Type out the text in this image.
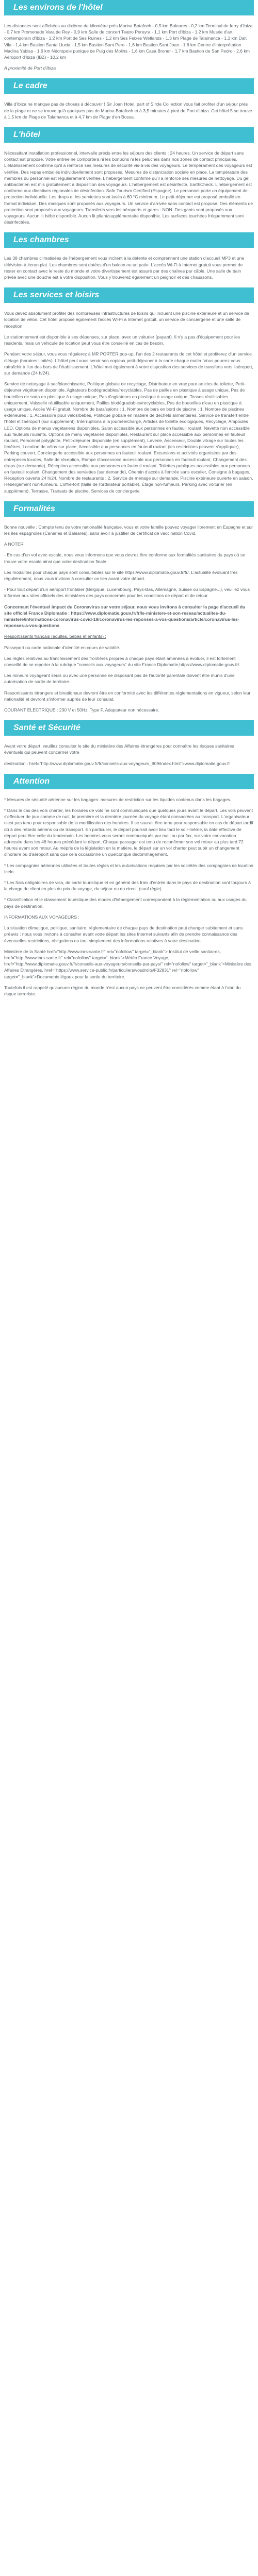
Les environs de l'hôtel

Les distances sont affichées au dixième de kilomètre près Marina Botafoch - 0,5 km Baleares - 0,2 km Terminal de ferry d'Ibiza - 0,7 km Promenade Vara de Rey - 0,9 km Salle de concert Teatro Pereyra - 1,1 km Port d'Ibiza - 1,2 km Musée d'art contemporain d'Ibiza - 1,2 km Port de Ses Ruines - 1,2 km Ses Feixes Wetlands - 1,3 km Plage de Talamanca - 1,3 km Dalt Vila - 1,4 km Bastion Santa Llucia - 1,5 km Bastion Sant Pere - 1,6 km Bastion Sant Joan - 1,6 km Centre d'interprétation Madina Yabisa - 1,6 km Nécropole punique de Puig des Molins - 1,6 km Casa Broner - 1,7 km Bastion de San Pedro - 2,6 km Aéroport d'Ibiza (IBZ) - 10,2 km

À proximité de Port d'Ibiza

Le cadre

Villa d'Ibiza ne manque pas de choses à découvrir ! Sir Joan Hotel, part of Sircle Collection vous fait profiter d'un séjour près de la plage et ne se trouve qu'à quelques pas de Marina Botafoch et à 3,5 minutes à pied de Port d'Ibiza. Cet hôtel 5 se trouve à 1,5 km de Plage de Talamanca et à 4,7 km de Plage d'en Bossa.

L'hôtel

Nécessitant installation professionnel, intervalle précis entre les séjours des clients : 24 heures. Un service de départ sans contact est proposé. Votre entrée ne comportera ni les bonbons ni les peluches dans nos zones de contact principales. L'établissement confirme qu'il a renforcé ses mesures de sécurité vis-à-vis des voyageurs. Le tempérament des voyageurs est vérifiée. Des repas emballés individuellement sont proposés. Mesures de distanciation sociale en place. La température des membres du personnel est régulièrement vérifiée. L'hébergement confirme qu'il a renforcé ses mesures de nettoyage. Du gel antibactérien est mis gratuitement à disposition des voyageurs. L'hébergement est désinfecté. EarthCheck. L'hébergement est conforme aux directives régionales de désinfection. Safe Tourism Certified (Espagne). Le personnel porte un équipement de protection individuelle. Les draps et les serviettes sont lavés à 60 °C minimum. Le petit-déjeuner est proposé emballé en format individuel. Des masques sont proposés aux voyageurs. Un service d'arrivée sans contact est proposé. Des éléments de protection sont proposés aux voyageurs. Transferts vers les aéroports et gares : NON. Des gants sont proposés aux voyageurs. Aucun lit bébé disponible. Aucun lit pliant/supplémentaire disponible. Les surfaces touchées fréquemment sont désinfectées.

Les chambres

Les 38 chambres climatisées de l'hébergement vous incitent à la détente et comprennent une station d'accueil MP3 et une télévision à écran plat. Les chambres sont dotées d'un balcon ou un patio. L'accès Wi-Fi à Internet gratuit vous permet de rester en contact avec le reste du monde et votre divertissement est assuré par des chaînes par câble. Une salle de bain privée avec une douche est à votre disposition. Vous y trouverez également un peignoir et des chaussons.

Les services et loisirs

Vous devez absolument profiter des nombreuses infrastructures de loisirs qui incluent une piscine extérieure et un service de location de vélos. Cet hôtel propose également l'accès Wi-Fi à Internet gratuit, un service de conciergerie et une salle de réception.

Le stationnement est disponible à ses dépenses, sur place, avec un voiturier (payant). Il n'y a pas d'équipement pour les résidents, mais un véhicule de location peut vous être conseillé en cas de besoin.

Pendant votre séjour, vous vous régalerez à MR PORTER pop-up, l'un des 2 restaurants de cet hôtel et profiterez d'un service d'étage (horaires limités). L'hôtel peut vous servir son copieux petit-déjeuner à la carte chaque matin. Vous pourrez vous rafraîchir à l'un des bars de l'établissement. L'hôtel met également à votre disposition des services de transferts vers l'aéroport, sur demande (24 h/24).

Service de nettoyage à sec/blanchisserie, Politique globale de recyclage, Distributeur en vrac pour articles de toilette, Petit-déjeuner végétarien disponible, Agitateurs biodégradables/recyclables, Pas de pailles en plastique à usage unique, Pas de bouteilles de soda en plastique à usage unique, Pas d'agitateurs en plastique à usage unique, Tasses réutilisables uniquement, Vaisselle réutilisable uniquement, Pailles biodégradables/recyclables, Pas de bouteilles d'eau en plastique à usage unique, Accès Wi-Fi gratuit, Nombre de bars/salons : 1, Nombre de bars en bord de piscine : 1, Nombre de piscines extérieures : 1, Accessoire pour vélos/bébés, Politique globale en matière de déchets alimentaires, Service de transfert entre l'hôtel et l'aéroport (sur supplément), Interruptions à la journée/chargé, Articles de toilette écologiques, Recyclage, Ampoules LED, Options de menus végétariens disponibles, Salon accessible aux personnes en fauteuil roulant, Navette non accessible aux fauteuils roulants, Options de menu végétarien disponibles, Restaurant sur place accessible aux personnes en fauteuil roulant, Personnel polyglotte, Petit-déjeuner disponible (en supplément), Laverie, Ascenseur, Double vitrage sur toutes les fenêtres, Location de vélos sur place, Accessible aux personnes en fauteuil roulant (les restrictions peuvent s'appliquer), Parking couvert, Conciergerie accessible aux personnes en fauteuil roulant, Excursions et activités organisées par des entreprises locales, Salle de réception, Rampe d'accessoire accessible aux personnes en fauteuil roulant, Changement des draps (sur demande), Réception accessible aux personnes en fauteuil roulant, Toilettes publiques accessibles aux personnes en fauteuil roulant, Changement des serviettes (sur demande), Chemin d'accès à l'entrée sans escalier, Consigne à bagages, Réception ouverte 24 h/24, Nombre de restaurants : 2, Service de ménage sur demande, Piscine extérieure ouverte en saison, Hébergement non-fumeurs, Coffre-fort (taille de l'ordinateur portable), Étage non-fumeurs, Parking avec voiturier (en supplément), Terrasse, Transats de piscine, Services de conciergerie

Formalités

Bonne nouvelle : Compte tenu de votre nationalité française, vous et votre famille pouvez voyager librement en Espagne et sur les îles espagnoles (Canaries et Baléares), sans avoir à justifier de certificat de vaccination Covid.

A NOTER

- En cas d'un vol avec escale, nous vous informons que vous devrez être conforme aux formalités sanitaires du pays où se trouve votre escale ainsi que votre destination finale.

Les modalités pour chaque pays sont consultables sur le site https://www.diplomatie.gouv.fr/fr/. L'actualité évoluant très régulièrement, nous vous invitons à consulter ce lien avant votre départ.

- Pour tout départ d'un aéroport frontalier (Belgique, Luxembourg, Pays-Bas, Allemagne, Suisse ou Espagne...), veuillez vous informer aux sites officiels des ministères des pays concernés pour les conditions de départ et de retour.

Concernant l'éventuel impact du Coronavirus sur votre séjour, nous vous invitons à consulter la page d'accueil du site officiel France Diplomatie : https://www.diplomatie.gouv.fr/fr/le-ministere-et-son-reseau/actualites-du-ministere/informations-coronavirus-covid-19/coronavirus-les-reponses-a-vos-questions/article/coronavirus-les-reponses-a-vos-questions

Ressortissants français (adultes, bébés et enfants) :

Passeport ou carte nationale d'identité en cours de validité.

Les règles relatives au franchissement des frontières propres à chaque pays étant amenées à évoluer, il est fortement conseillé de se reporter à la rubrique "conseils aux voyageurs" du site France Diplomatie,https://www.diplomatie.gouv.fr/.

Les mineurs voyageant seuls ou avec une personne ne disposant pas de l'autorité parentale doivent être munis d'une autorisation de sortie de territoire.

Ressortissants étrangers et binationaux devront être en conformité avec les différentes réglementations en vigueur, selon leur nationalité et devront s'informer auprès de leur consulat.

COURANT ELECTRIQUE : 230 V et 50Hz. Type F. Adaptateur non nécessaire.

Santé et Sécurité

Avant votre départ, veuillez consulter le site du ministère des Affaires étrangères pour connaître les risques sanitaires éventuels qui peuvent concerner votre

destination : href="http://www.diplomatie.gouv.fr/fr/conseils-aux-voyageurs_909/index.html">www.diplomatie.gouv.fr

Attention

* Mesures de sécurité aérienne sur les bagages: mesures de restriction sur les liquides contenus dans les bagages.

* Dans le cas des vols charter, les horaires de vols ne sont communiqués que quelques jours avant le départ. Les vols peuvent s'effectuer de jour comme de nuit, la première et la dernière journée du voyage étant consacrées au transport. L'organisateur n'est pas tenu pour responsable de la modification des horaires. Il se saurait être tenu pour responsable en cas de départ tardif dû à des retards aériens ou de transport. En particulier, le départ pourrait avoir lieu tard le soir-même, la date effective de départ peut être celle du lendemain. Les horaires vous seront communiqués par mail ou par fax, sur votre convocation adressée dans les 48 heures précédant le départ. Chaque passager est tenu de reconfirmer son vol retour au plus tard 72 heures avant son retour. Au mépris de la législation en la matière, le départ sur un vol charter peut subir un changement d'horaire ou d'aéroport sans que cela occasionne un quelconque dédommagement.

* Les compagnies aériennes utilisées et toutes règles et les autorisations requises par les sociétés des compagnies de location Icelo.

* Les frais obligatoires de visa, de carte touristique et en général des frais d'entrée dans le pays de destination sont toujours à la charge du client en plus du prix du voyage, du séjour ou du circuit (sauf règle).

* Classification et le classement touristique des modes d'hébergement correspondent à la réglementation ou aux usages du pays de destination.

INFORMATIONS AUX VOYAGEURS :

La situation climatique, politique, sanitaire, réglementaire de chaque pays de destination peut changer subitement et sans préavis : nous vous invitons à consulter avant votre départ les sites Internet suivants afin de prendre connaissance des éventuelles restrictions, obligations ou tout simplement des informations relatives à votre destination.

Ministère de la Santé href="http://www.inrs-sante.fr" rel="nofollow" target="_blank"> Institut de veille sanitaires, href="http://www.inrs-sante.fr" rel="nofollow" target="_blank">Météo France Voyage, href="http://www.diplomatie.gouv.fr/fr/conseils-aux-voyageurs/conseils-par-pays/" rel="nofollow" target="_blank">Ministère des Affaires Étrangères, href="https://www.service-public.fr/particuliers/vosdroits/F32831" rel="nofollow" target="_blank">Documents légaux pour la sortie du territoire.

Toutefois il est rappelé qu'aucune région du monde n'est aucun pays ne peuvent être considérés comme étant à l'abri du risque terroriste.
